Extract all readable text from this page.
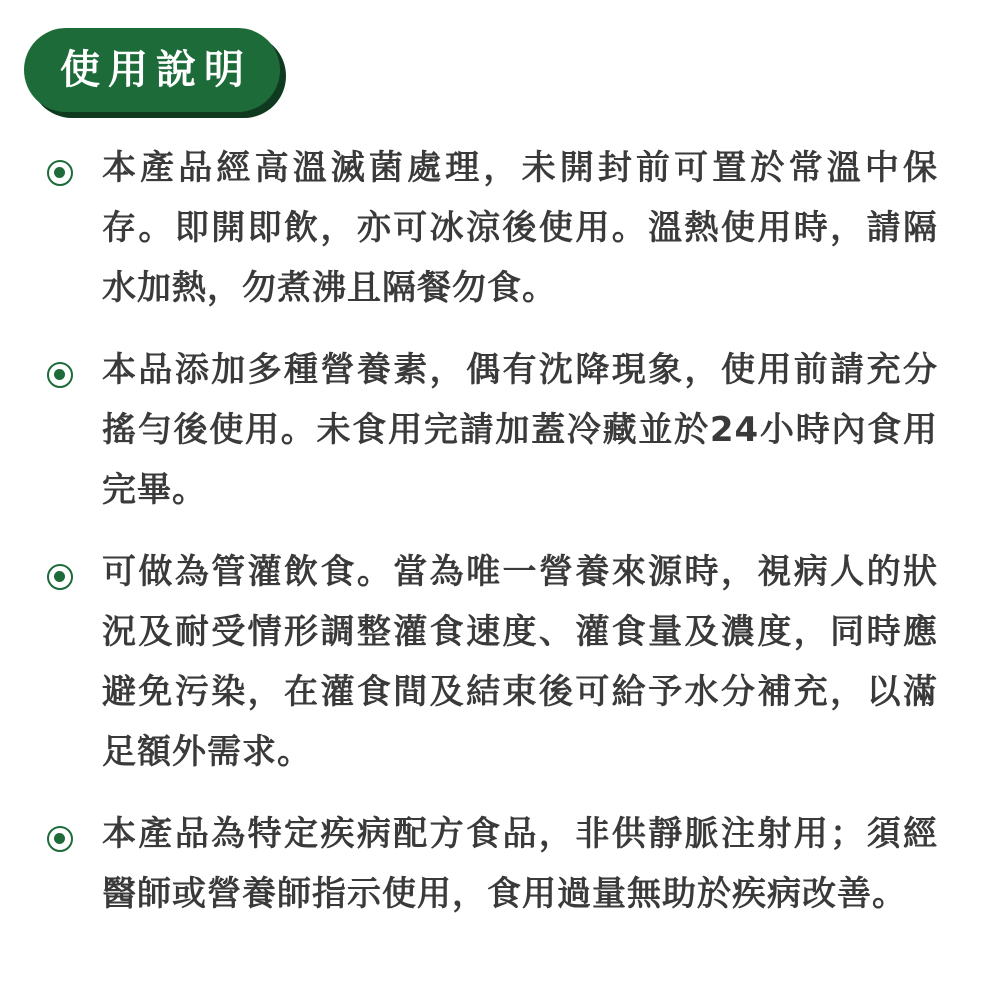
使用說明
本產品經高溫滅菌處理，未開封前可置於常溫中保存。即開即飲，亦可冰涼後使用。溫熱使用時，請隔水加熱，勿煮沸且隔餐勿食。
本品添加多種營養素，偶有沈降現象，使用前請充分搖勻後使用。未食用完請加蓋冷藏並於24小時內食用完畢。
可做為管灌飲食。當為唯一營養來源時，視病人的狀況及耐受情形調整灌食速度、灌食量及濃度，同時應避免污染，在灌食間及結束後可給予水分補充，以滿足額外需求。
本產品為特定疾病配方食品，非供靜脈注射用；須經醫師或營養師指示使用，食用過量無助於疾病改善。
